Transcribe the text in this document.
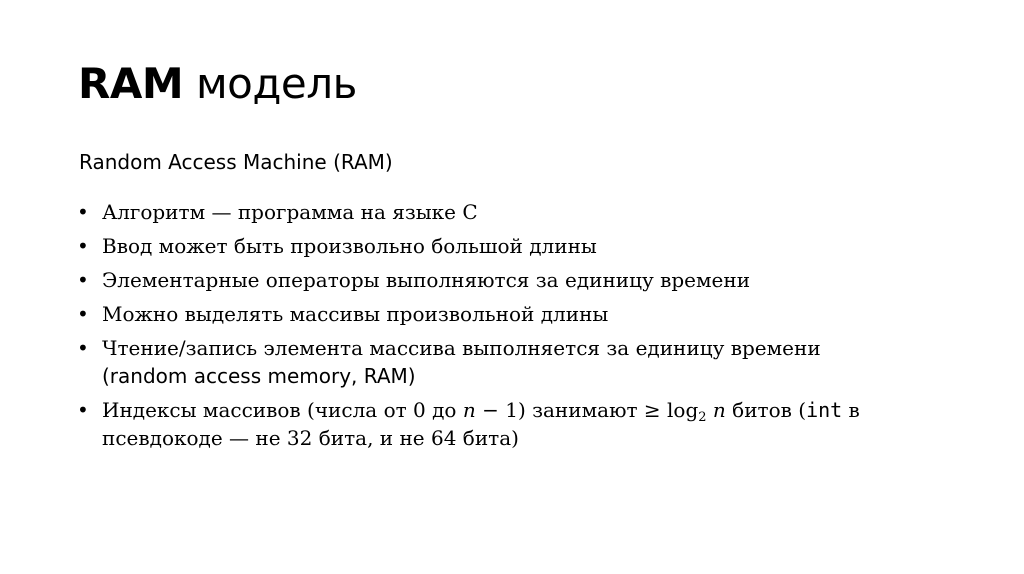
RAM модель
Random Access Machine (RAM)
• Алгоритм — программа на языке C
• Ввод может быть произвольно большой длины
• Элементарные операторы выполняются за единицу времени
• Можно выделять массивы произвольной длины
• Чтение/запись элемента массива выполняется за единицу времени
(random access memory, RAM)
• Индексы массивов (числа от 0 до n − 1) занимают ≥ $\log_2 n$ битов (int в псевдокоде — не 32 бита, и не 64 бита)
